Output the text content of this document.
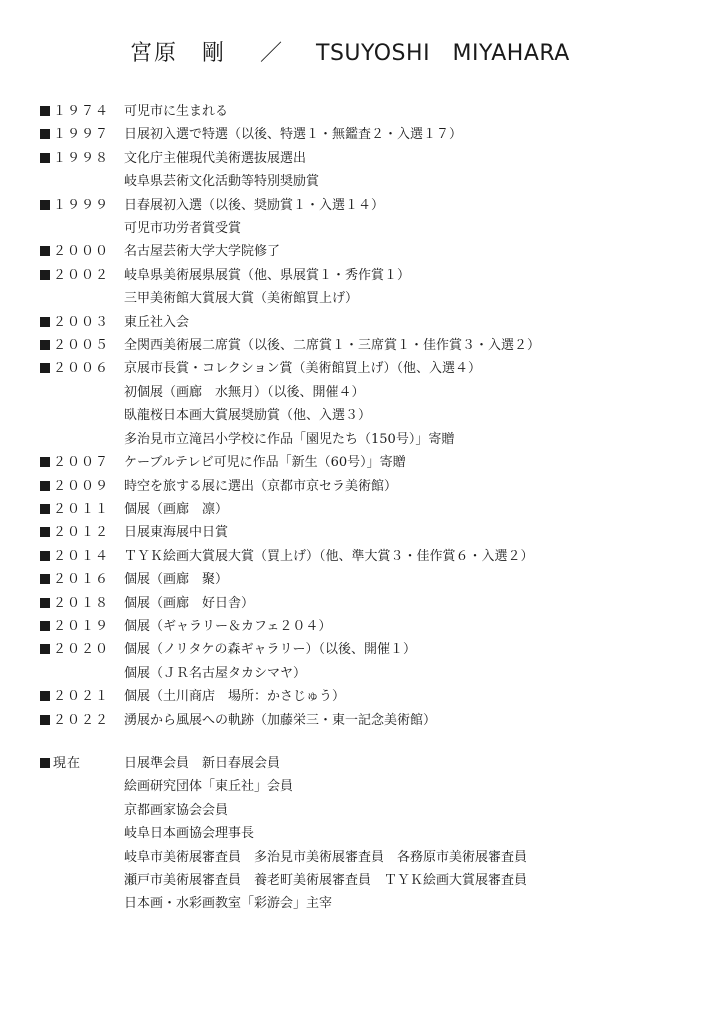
宮原　剛 ／ TSUYOSHI　MIYAHARA
１９７４	可児市に生まれる
１９９７	日展初入選で特選（以後、特選１・無鑑査２・入選１７）
１９９８	文化庁主催現代美術選抜展選出
岐阜県芸術文化活動等特別奨励賞
１９９９	日春展初入選（以後、奨励賞１・入選１４）
可児市功労者賞受賞
２０００	名古屋芸術大学大学院修了
２００２	岐阜県美術展県展賞（他、県展賞１・秀作賞１）
三甲美術館大賞展大賞（美術館買上げ）
２００３	東丘社入会
２００５	全関西美術展二席賞（以後、二席賞１・三席賞１・佳作賞３・入選２）
２００６	京展市長賞・コレクション賞（美術館買上げ）（他、入選４）
初個展（画廊　水無月）（以後、開催４）
臥龍桜日本画大賞展奨励賞（他、入選３）
多治見市立滝呂小学校に作品「園児たち（150号）」寄贈
２００７	ケーブルテレビ可児に作品「新生（60号）」寄贈
２００９	時空を旅する展に選出（京都市京セラ美術館）
２０１１	個展（画廊　凛）
２０１２	日展東海展中日賞
２０１４	ＴＹＫ絵画大賞展大賞（買上げ）（他、準大賞３・佳作賞６・入選２）
２０１６	個展（画廊　聚）
２０１８	個展（画廊　好日舎）
２０１９	個展（ギャラリー＆カフェ２０４）
２０２０	個展（ノリタケの森ギャラリー）（以後、開催１）
個展（ＪＲ名古屋タカシマヤ）
２０２１	個展（土川商店　場所：かさじゅう）
２０２２	湧展から風展への軌跡（加藤栄三・東一記念美術館）
現在	日展準会員　新日春展会員
絵画研究団体「東丘社」会員
京都画家協会会員
岐阜日本画協会理事長
岐阜市美術展審査員　多治見市美術展審査員　各務原市美術展審査員
瀬戸市美術展審査員　養老町美術展審査員　ＴＹＫ絵画大賞展審査員
日本画・水彩画教室「彩游会」主宰
